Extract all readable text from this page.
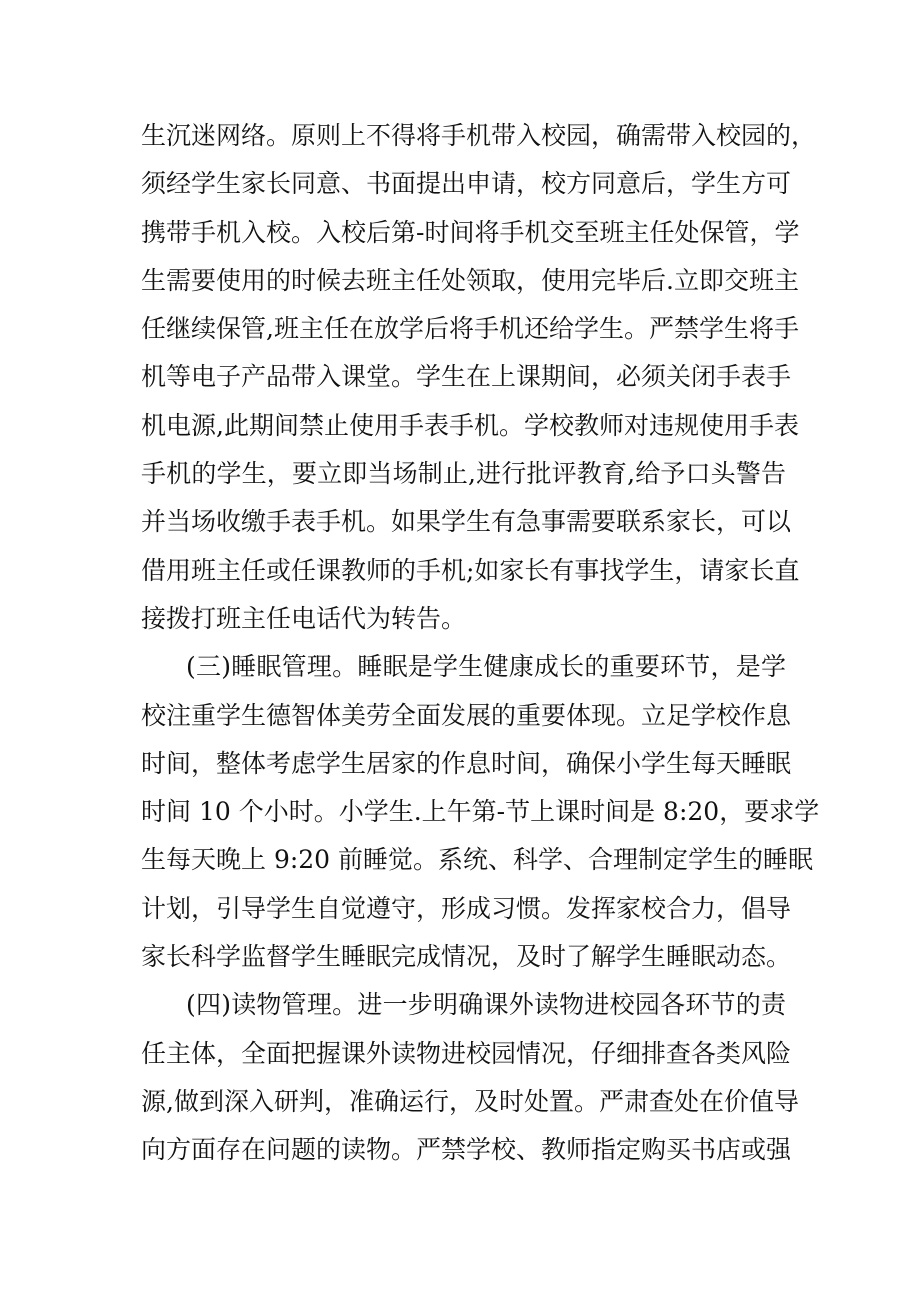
生沉迷网络。原则上不得将手机带入校园，确需带入校园的，
须经学生家长同意、书面提出申请，校方同意后，学生方可
携带手机入校。入校后第-时间将手机交至班主任处保管，学
生需要使用的时候去班主任处领取，使用完毕后.立即交班主
任继续保管,班主任在放学后将手机还给学生。严禁学生将手
机等电子产品带入课堂。学生在上课期间，必须关闭手表手
机电源,此期间禁止使用手表手机。学校教师对违规使用手表
手机的学生，要立即当场制止,进行批评教育,给予口头警告
并当场收缴手表手机。如果学生有急事需要联系家长，可以
借用班主任或任课教师的手机;如家长有事找学生，请家长直
接拨打班主任电话代为转告。
(三)睡眠管理。睡眠是学生健康成长的重要环节，是学
校注重学生德智体美劳全面发展的重要体现。立足学校作息
时间，整体考虑学生居家的作息时间，确保小学生每天睡眠
时间 10 个小时。小学生.上午第-节上课时间是 8:20，要求学
生每天晚上 9:20 前睡觉。系统、科学、合理制定学生的睡眠
计划，引导学生自觉遵守，形成习惯。发挥家校合力，倡导
家长科学监督学生睡眠完成情况，及时了解学生睡眠动态。
(四)读物管理。进一步明确课外读物进校园各环节的责
任主体，全面把握课外读物进校园情况，仔细排查各类风险
源,做到深入研判，准确运行，及时处置。严肃查处在价值导
向方面存在问题的读物。严禁学校、教师指定购买书店或强
